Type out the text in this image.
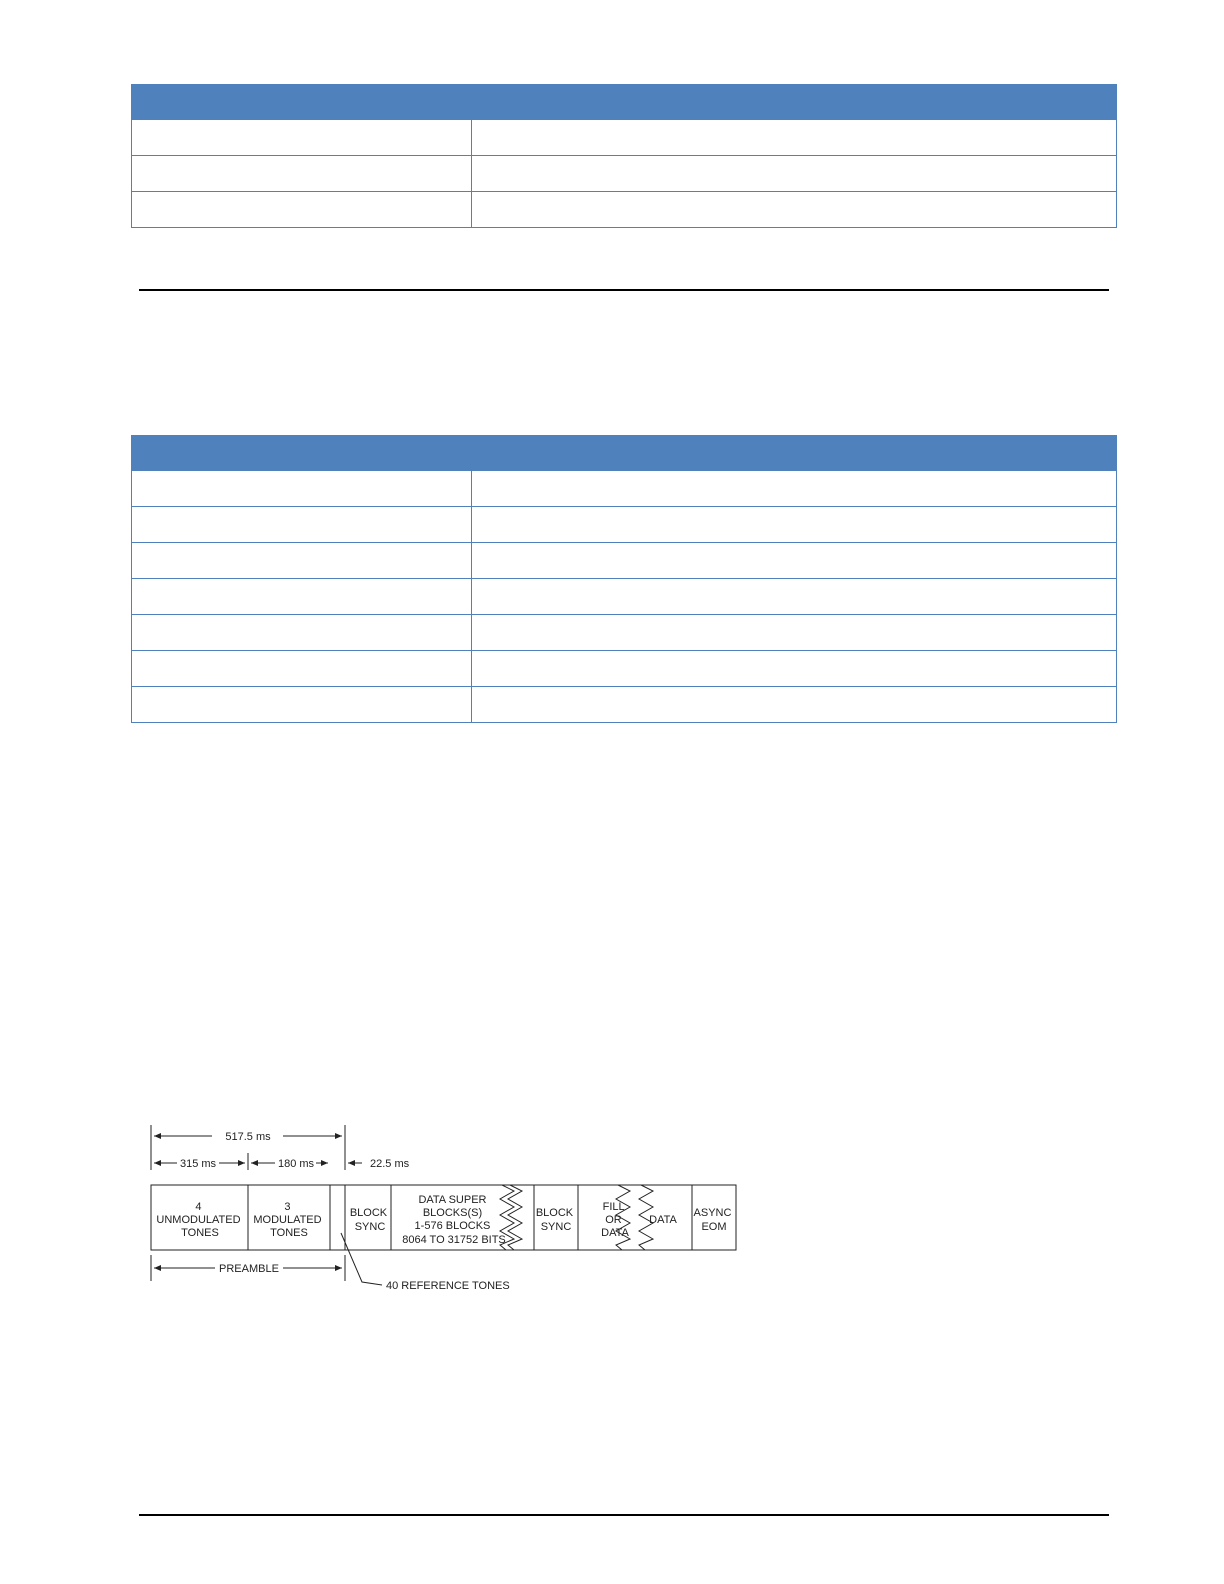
517.5 ms
315 ms	180 ms	22.5 ms
4 UNMODULATED TONES
3 MODULATED TONES
BLOCK SYNC
DATA SUPER BLOCKS(S) 1-576 BLOCKS 8064 TO 31752 BITS
BLOCK SYNC
FILL OR DATA
DATA
ASYNC EOM
PREAMBLE
40 REFERENCE TONES
